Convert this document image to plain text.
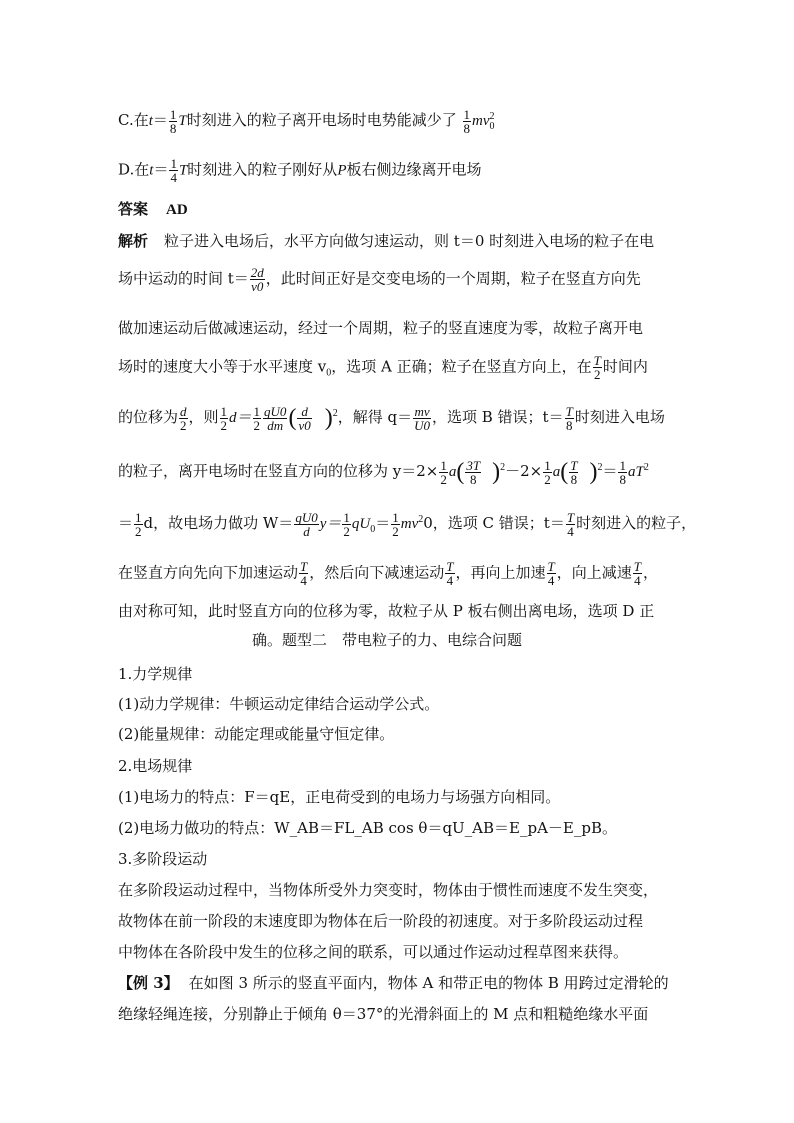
C.在$t= \frac{1}{8}$ T时刻进入的粒子离开电场时电势能减少了 $\frac{1}{8} mv^2_0$
D.在$t= \frac{1}{4}$ T时刻进入的粒子刚好从P板右侧边缘离开电场
答案 AD
解析 粒子进入电场后，水平方向做匀速运动，则 t＝0 时刻进入电场的粒子在电
场中运动的时间 $t= \frac{2d}{v0}$ ，此时间正好是交变电场的一个周期，粒子在竖直方向先
做加速运动后做减速运动，经过一个周期，粒子的竖直速度为零，故粒子离开电
场时的速度大小等于水平速度 $v_0$，选项 A 正确；粒子在竖直方向上，在 $\frac{T}{2}$ 时间内
的位移为 $\frac{d}{2}$ ，则 $\frac{1}{2} d= \frac{1}{2} \frac{qU0}{dm}$ ( $\frac{d}{v0} )^2$，解得 $q= \frac{mv}{U0}$ ，选项 B 错误；$t= \frac{T}{8}$ 时刻进入电场
的粒子，离开电场时在竖直方向的位移为 $y=2\times \frac{1}{2} a( \frac{3T}{8} )^2-2\times \frac{1}{2} a( \frac{T}{8} )^2= \frac{1}{8} aT^2$
＝ $\frac{1}{2}$ d，故电场力做功 $W= \frac{qU0}{d} y= \frac{1}{2} qU_0= \frac{1}{2} mv^20$，选项 C 错误；$t= \frac{T}{4}$ 时刻进入的粒子，
在竖直方向先向下加速运动 $\frac{T}{4}$ ，然后向下减速运动 $\frac{T}{4}$ ，再向上加速 $\frac{T}{4}$ ，向上减速 $\frac{T}{4}$ ，
由对称可知，此时竖直方向的位移为零，故粒子从 P 板右侧出离电场，选项 D 正
确。题型二　带电粒子的力、电综合问题
1.力学规律
(1)动力学规律：牛顿运动定律结合运动学公式。
(2)能量规律：动能定理或能量守恒定律。
2.电场规律
(1)电场力的特点：F＝qE，正电荷受到的电场力与场强方向相同。
(2)电场力做功的特点：W_AB＝FL_AB cos θ＝qU_AB＝E_pA－E_pB。
3.多阶段运动
在多阶段运动过程中，当物体所受外力突变时，物体由于惯性而速度不发生突变，
故物体在前一阶段的末速度即为物体在后一阶段的初速度。对于多阶段运动过程
中物体在各阶段中发生的位移之间的联系，可以通过作运动过程草图来获得。
【例 3】 在如图 3 所示的竖直平面内，物体 A 和带正电的物体 B 用跨过定滑轮的
绝缘轻绳连接，分别静止于倾角 θ＝37°的光滑斜面上的 M 点和粗糙绝缘水平面
